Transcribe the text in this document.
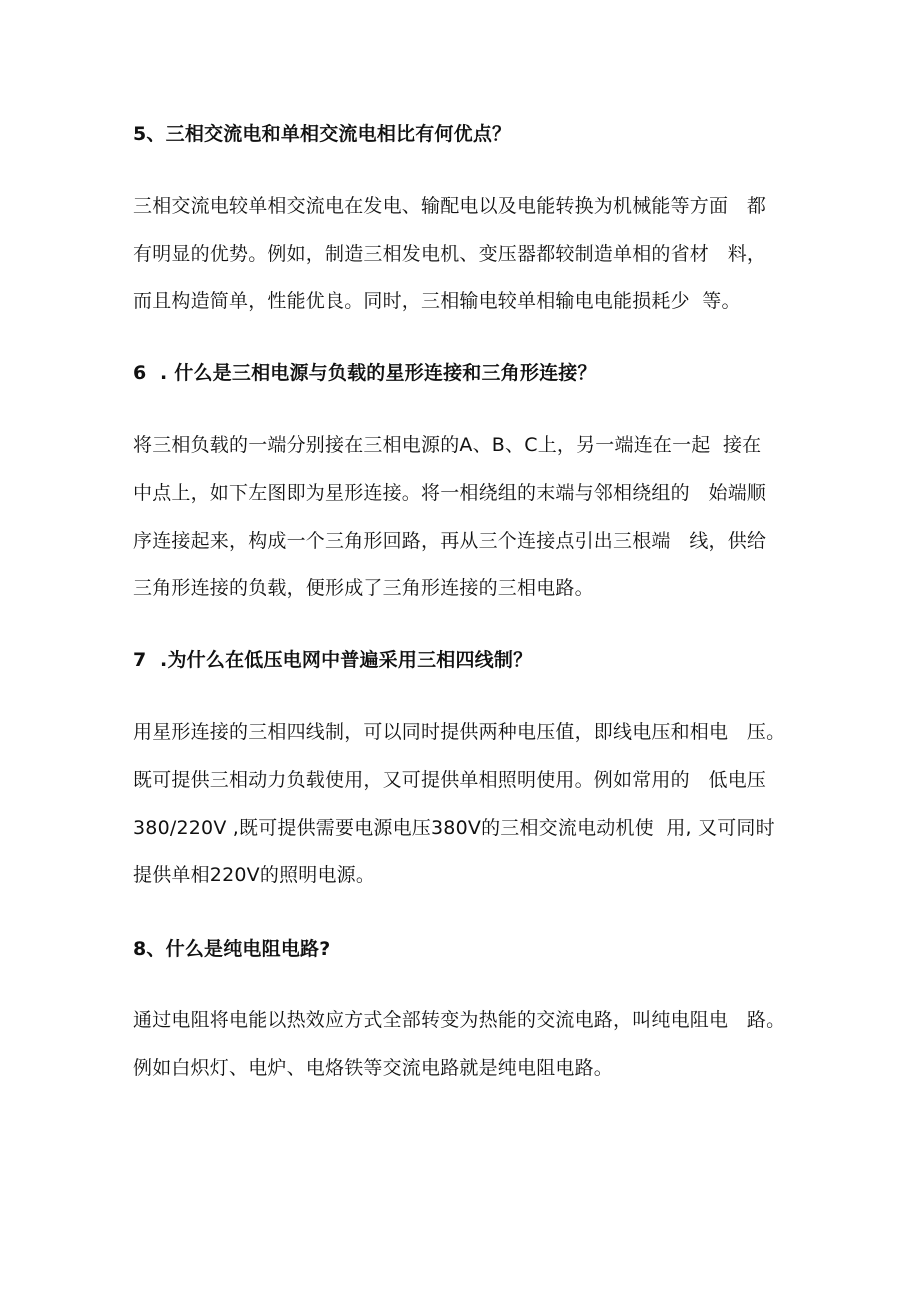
5、三相交流电和单相交流电相比有何优点？
三相交流电较单相交流电在发电、输配电以及电能转换为机械能等方面   都
有明显的优势。例如，制造三相发电机、变压器都较制造单相的省材   料，
而且构造简单，性能优良。同时，三相输电较单相输电电能损耗少  等。
6  . 什么是三相电源与负载的星形连接和三角形连接？
将三相负载的一端分别接在三相电源的A、B、C上，另一端连在一起  接在
中点上，如下左图即为星形连接。将一相绕组的末端与邻相绕组的   始端顺
序连接起来，构成一个三角形回路，再从三个连接点引出三根端   线，供给
三角形连接的负载，便形成了三角形连接的三相电路。
7  .为什么在低压电网中普遍采用三相四线制？
用星形连接的三相四线制，可以同时提供两种电压值，即线电压和相电   压。
既可提供三相动力负载使用，又可提供单相照明使用。例如常用的   低电压
380/220V ,既可提供需要电源电压380V的三相交流电动机使  用, 又可同时
提供单相220V的照明电源。
8、什么是纯电阻电路?
通过电阻将电能以热效应方式全部转变为热能的交流电路，叫纯电阻电   路。
例如白炽灯、电炉、电烙铁等交流电路就是纯电阻电路。
